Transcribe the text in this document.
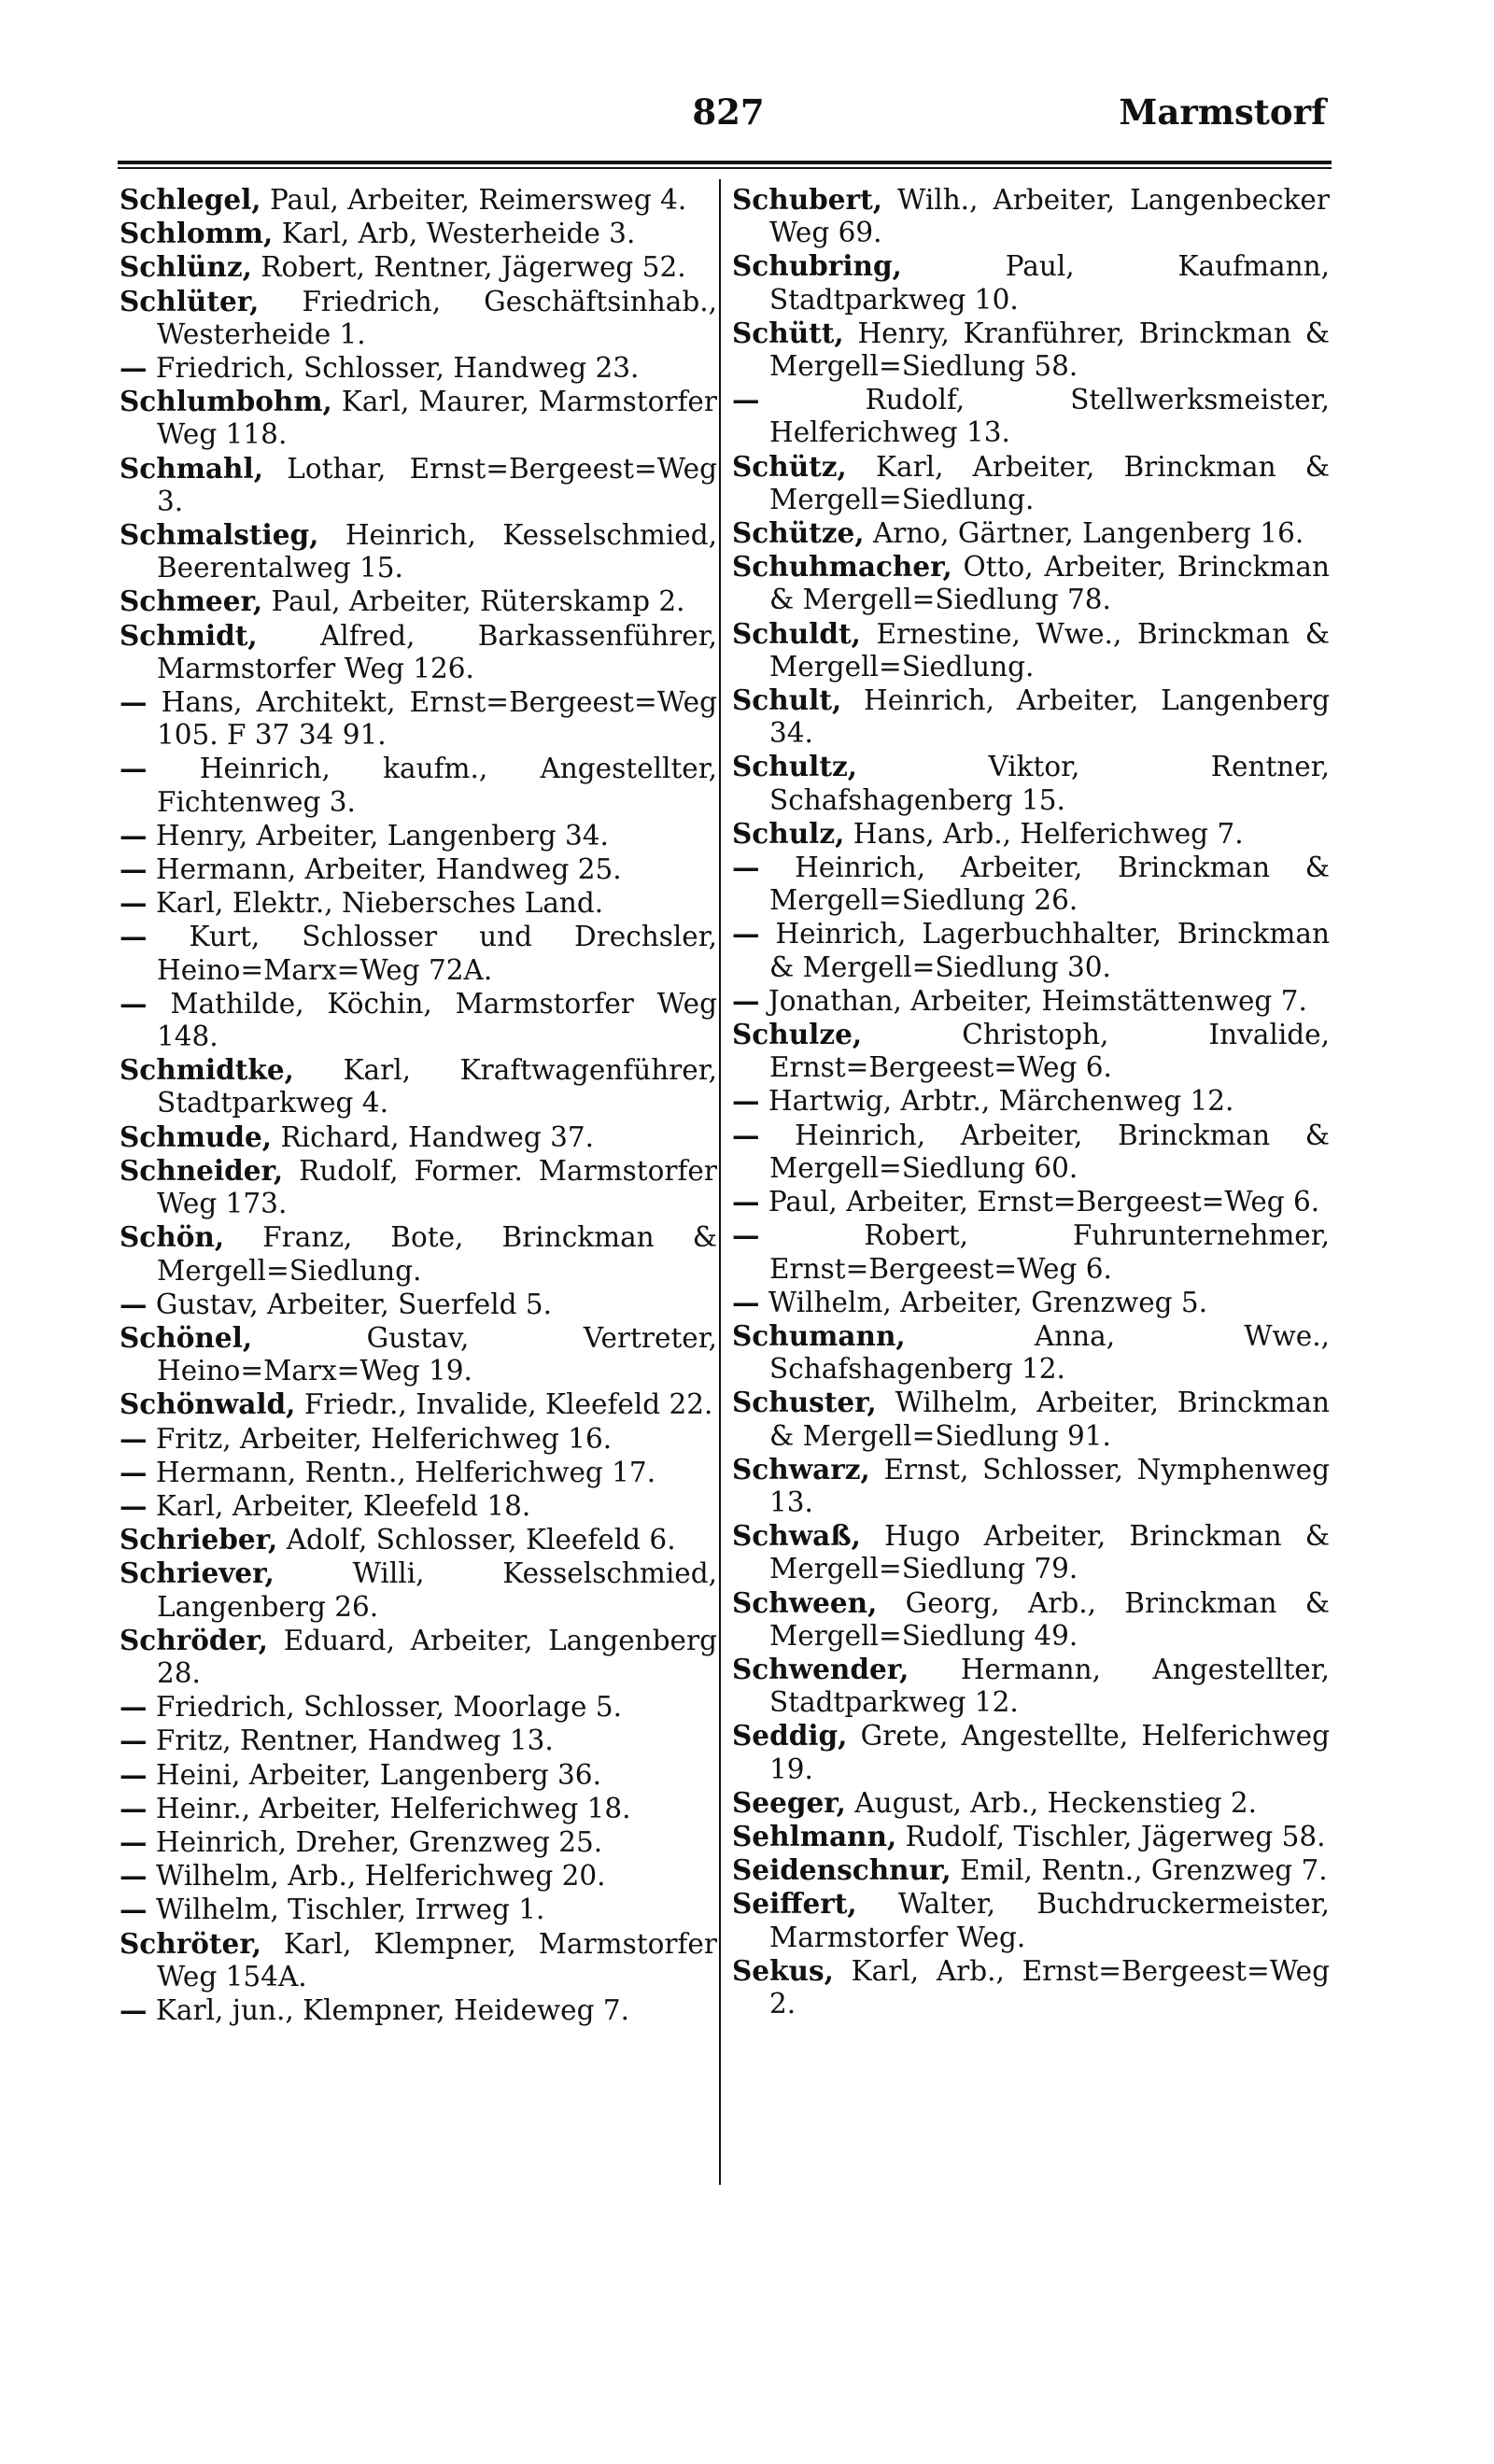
827	Marmstorf
Schlegel, Paul, Arbeiter, Reimersweg 4.
Schlomm, Karl, Arb, Westerheide 3.
Schlünz, Robert, Rentner, Jägerweg 52.
Schlüter, Friedrich, Geschäftsinhab., Westerheide 1.
— Friedrich, Schlosser, Handweg 23.
Schlumbohm, Karl, Maurer, Marmstorfer Weg 118.
Schmahl, Lothar, Ernst=Bergeest=Weg 3.
Schmalstieg, Heinrich, Kesselschmied, Beerentalweg 15.
Schmeer, Paul, Arbeiter, Rüterskamp 2.
Schmidt, Alfred, Barkassenführer, Marmstorfer Weg 126.
— Hans, Architekt, Ernst=Bergeest=Weg 105. F 37 34 91.
— Heinrich, kaufm., Angestellter, Fichtenweg 3.
— Henry, Arbeiter, Langenberg 34.
— Hermann, Arbeiter, Handweg 25.
— Karl, Elektr., Niebersches Land.
— Kurt, Schlosser und Drechsler, Heino=Marx=Weg 72A.
— Mathilde, Köchin, Marmstorfer Weg 148.
Schmidtke, Karl, Kraftwagenführer, Stadtparkweg 4.
Schmude, Richard, Handweg 37.
Schneider, Rudolf, Former. Marmstorfer Weg 173.
Schön, Franz, Bote, Brinckman & Mergell=Siedlung.
— Gustav, Arbeiter, Suerfeld 5.
Schönel,	Gustav, Vertreter, Heino=Marx=Weg 19.
Schönwald, Friedr., Invalide, Kleefeld 22.
— Fritz, Arbeiter, Helferichweg 16.
— Hermann, Rentn., Helferichweg 17.
— Karl, Arbeiter, Kleefeld 18.
Schrieber, Adolf, Schlosser, Kleefeld 6.
Schriever,	Willi, Kesselschmied, Langenberg 26.
Schröder, Eduard, Arbeiter, Langenberg 28.
— Friedrich, Schlosser, Moorlage 5.
— Fritz, Rentner, Handweg 13.
— Heini, Arbeiter, Langenberg 36.
— Heinr., Arbeiter, Helferichweg 18.
— Heinrich, Dreher, Grenzweg 25.
— Wilhelm, Arb., Helferichweg 20.
— Wilhelm, Tischler, Irrweg 1.
Schröter, Karl, Klempner, Marmstorfer Weg 154A.
— Karl, jun., Klempner, Heideweg 7.
Schubert, Wilh., Arbeiter, Langenbecker Weg 69.
Schubring,	Paul, Kaufmann, Stadtparkweg 10.
Schütt, Henry, Kranführer, Brinckman & Mergell=Siedlung 58.
—	Rudolf, Stellwerksmeister, Helferichweg 13.
Schütz, Karl, Arbeiter, Brinckman & Mergell=Siedlung.
Schütze, Arno, Gärtner, Langenberg 16.
Schuhmacher, Otto, Arbeiter, Brinckman & Mergell=Siedlung 78.
Schuldt, Ernestine, Wwe., Brinckman & Mergell=Siedlung.
Schult, Heinrich, Arbeiter, Langenberg 34.
Schultz,	Viktor, Rentner, Schafshagenberg 15.
Schulz, Hans, Arb., Helferichweg 7.
— Heinrich, Arbeiter, Brinckman & Mergell=Siedlung 26.
— Heinrich, Lagerbuchhalter, Brinckman & Mergell=Siedlung 30.
— Jonathan, Arbeiter, Heimstättenweg 7.
Schulze,	Christoph, Invalide, Ernst=Bergeest=Weg 6.
— Hartwig, Arbtr., Märchenweg 12.
— Heinrich, Arbeiter, Brinckman & Mergell=Siedlung 60.
— Paul, Arbeiter, Ernst=Bergeest=Weg 6.
—	Robert, Fuhrunternehmer, Ernst=Bergeest=Weg 6.
— Wilhelm, Arbeiter, Grenzweg 5.
Schumann,	Anna, Wwe., Schafshagenberg 12.
Schuster, Wilhelm, Arbeiter, Brinckman & Mergell=Siedlung 91.
Schwarz, Ernst, Schlosser, Nymphenweg 13.
Schwaß, Hugo Arbeiter, Brinckman & Mergell=Siedlung 79.
Schween, Georg, Arb., Brinckman & Mergell=Siedlung 49.
Schwender, Hermann, Angestellter, Stadtparkweg 12.
Seddig, Grete, Angestellte, Helferichweg 19.
Seeger, August, Arb., Heckenstieg 2.
Sehlmann, Rudolf, Tischler, Jägerweg 58.
Seidenschnur, Emil, Rentn., Grenzweg 7.
Seiffert, Walter, Buchdruckermeister, Marmstorfer Weg.
Sekus, Karl, Arb., Ernst=Bergeest=Weg 2.
